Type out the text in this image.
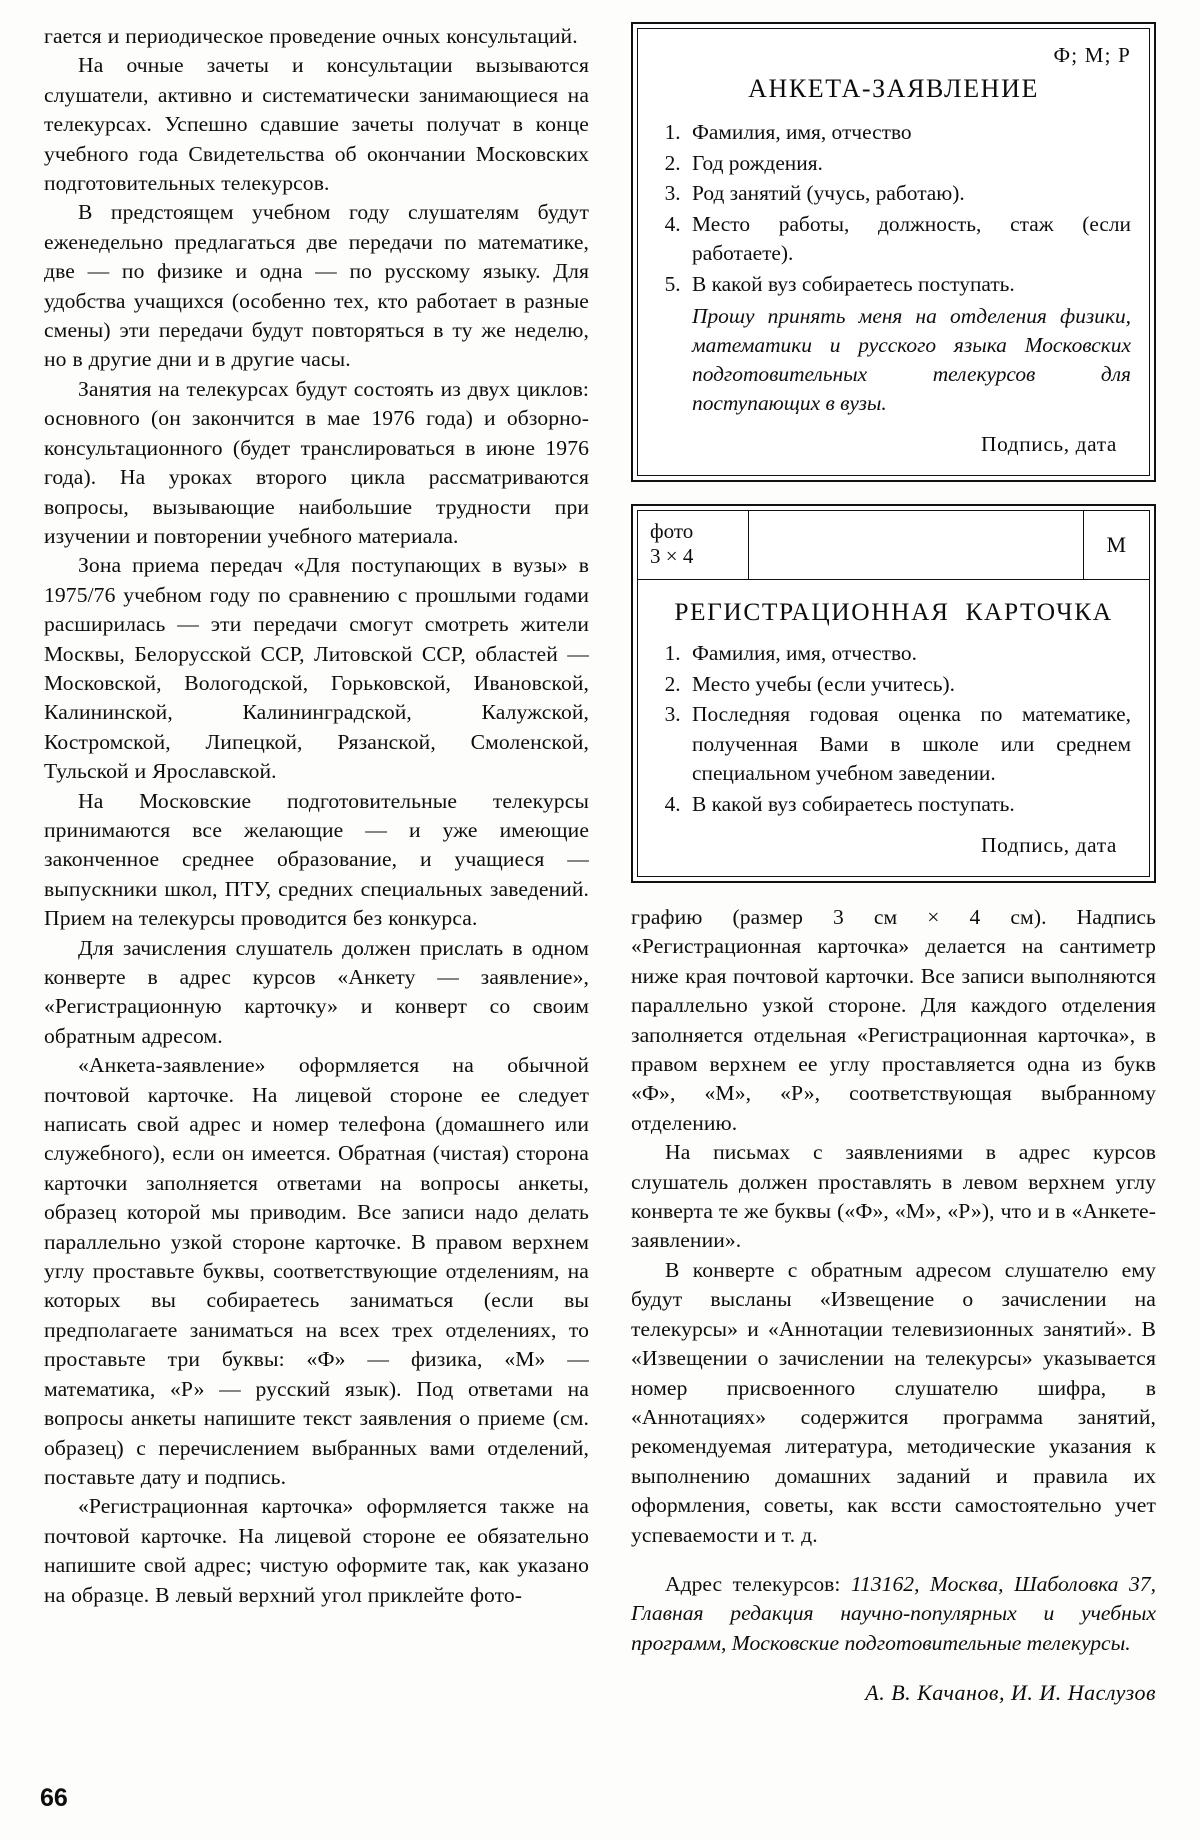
гается и периодическое проведение очных консультаций.

На очные зачеты и консультации вызываются слушатели, активно и систематически занимающиеся на телекурсах. Успешно сдавшие зачеты получат в конце учебного года Свидетельства об окончании Московских подготовительных телекурсов.

В предстоящем учебном году слушателям будут еженедельно предлагаться две передачи по математике, две — по физике и одна — по русскому языку. Для удобства учащихся (особенно тех, кто работает в разные смены) эти передачи будут повторяться в ту же неделю, но в другие дни и в другие часы.

Занятия на телекурсах будут состоять из двух циклов: основного (он закончится в мае 1976 года) и обзорно-консультационного (будет транслироваться в июне 1976 года). На уроках второго цикла рассматриваются вопросы, вызывающие наибольшие трудности при изучении и повторении учебного материала.

Зона приема передач «Для поступающих в вузы» в 1975/76 учебном году по сравнению с прошлыми годами расширилась — эти передачи смогут смотреть жители Москвы, Белорусской ССР, Литовской ССР, областей — Московской, Вологодской, Горьковской, Ивановской, Калининской, Калининградской, Калужской, Костромской, Липецкой, Рязанской, Смоленской, Тульской и Ярославской.

На Московские подготовительные телекурсы принимаются все желающие — и уже имеющие законченное среднее образование, и учащиеся — выпускники школ, ПТУ, средних специальных заведений. Прием на телекурсы проводится без конкурса.

Для зачисления слушатель должен прислать в одном конверте в адрес курсов «Анкету — заявление», «Регистрационную карточку» и конверт со своим обратным адресом.

«Анкета-заявление» оформляется на обычной почтовой карточке. На лицевой стороне ее следует написать свой адрес и номер телефона (домашнего или служебного), если он имеется. Обратная (чистая) сторона карточки заполняется ответами на вопросы анкеты, образец которой мы приводим. Все записи надо делать параллельно узкой стороне карточке. В правом верхнем углу проставьте буквы, соответствующие отделениям, на которых вы собираетесь заниматься (если вы предполагаете заниматься на всех трех отделениях, то проставьте три буквы: «Ф» — физика, «М» — математика, «Р» — русский язык). Под ответами на вопросы анкеты напишите текст заявления о приеме (см. образец) с перечислением выбранных вами отделений, поставьте дату и подпись.

«Регистрационная карточка» оформляется также на почтовой карточке. На лицевой стороне ее обязательно напишите свой адрес; чистую оформите так, как указано на образце. В левый верхний угол приклейте фото-

Ф; М; Р
АНКЕТА-ЗАЯВЛЕНИЕ
1. Фамилия, имя, отчество
2. Год рождения.
3. Род занятий (учусь, работаю).
4. Место работы, должность, стаж (если работаете).
5. В какой вуз собираетесь поступать.
Прошу принять меня на отделения физики, математики и русского языка Московских подготовительных телекурсов для поступающих в вузы.
Подпись, дата
фото
3 × 4	М
РЕГИСТРАЦИОННАЯ КАРТОЧКА
1. Фамилия, имя, отчество.
2. Место учебы (если учитесь).
3. Последняя годовая оценка по математике, полученная Вами в школе или среднем специальном учебном заведении.
4. В какой вуз собираетесь поступать.
Подпись, дата

графию (размер 3 см × 4 см). Надпись «Регистрационная карточка» делается на сантиметр ниже края почтовой карточки. Все записи выполняются параллельно узкой стороне. Для каждого отделения заполняется отдельная «Регистрационная карточка», в правом верхнем ее углу проставляется одна из букв «Ф», «М», «Р», соответствующая выбранному отделению.

На письмах с заявлениями в адрес курсов слушатель должен проставлять в левом верхнем углу конверта те же буквы («Ф», «М», «Р»), что и в «Анкете-заявлении».

В конверте с обратным адресом слушателю ему будут высланы «Извещение о зачислении на телекурсы» и «Аннотации телевизионных занятий». В «Извещении о зачислении на телекурсы» указывается номер присвоенного слушателю шифра, в «Аннотациях» содержится программа занятий, рекомендуемая литература, методические указания к выполнению домашних заданий и правила их оформления, советы, как вссти самостоятельно учет успеваемости и т. д.

Адрес телекурсов: 113162, Москва, Шаболовка 37, Главная редакция научно-популярных и учебных программ, Московские подготовительные телекурсы.

А. В. Качанов, И. И. Наслузов
66
